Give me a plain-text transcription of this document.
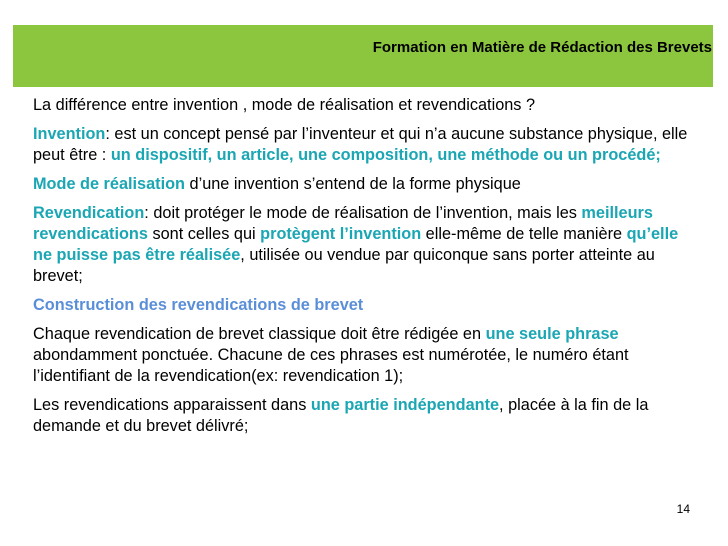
Formation en Matière de Rédaction des Brevets

La différence entre invention , mode de réalisation et revendications ?

Invention: est un concept pensé par l’inventeur et qui n’a aucune substance physique, elle peut être : un dispositif, un article, une composition, une méthode ou un procédé;

Mode de réalisation d’une invention s’entend de la forme physique

Revendication: doit protéger le mode de réalisation de l’invention, mais les meilleurs revendications sont celles qui protègent l’invention elle-même de telle manière qu’elle ne puisse pas être réalisée, utilisée ou vendue par quiconque sans porter atteinte au brevet;

Construction des revendications de brevet

Chaque revendication de brevet classique doit être rédigée en une seule phrase abondamment ponctuée. Chacune de ces phrases est numérotée, le numéro étant l’identifiant de la revendication(ex: revendication 1);

Les revendications apparaissent dans une partie indépendante, placée à la fin de la demande et du brevet délivré;

14
